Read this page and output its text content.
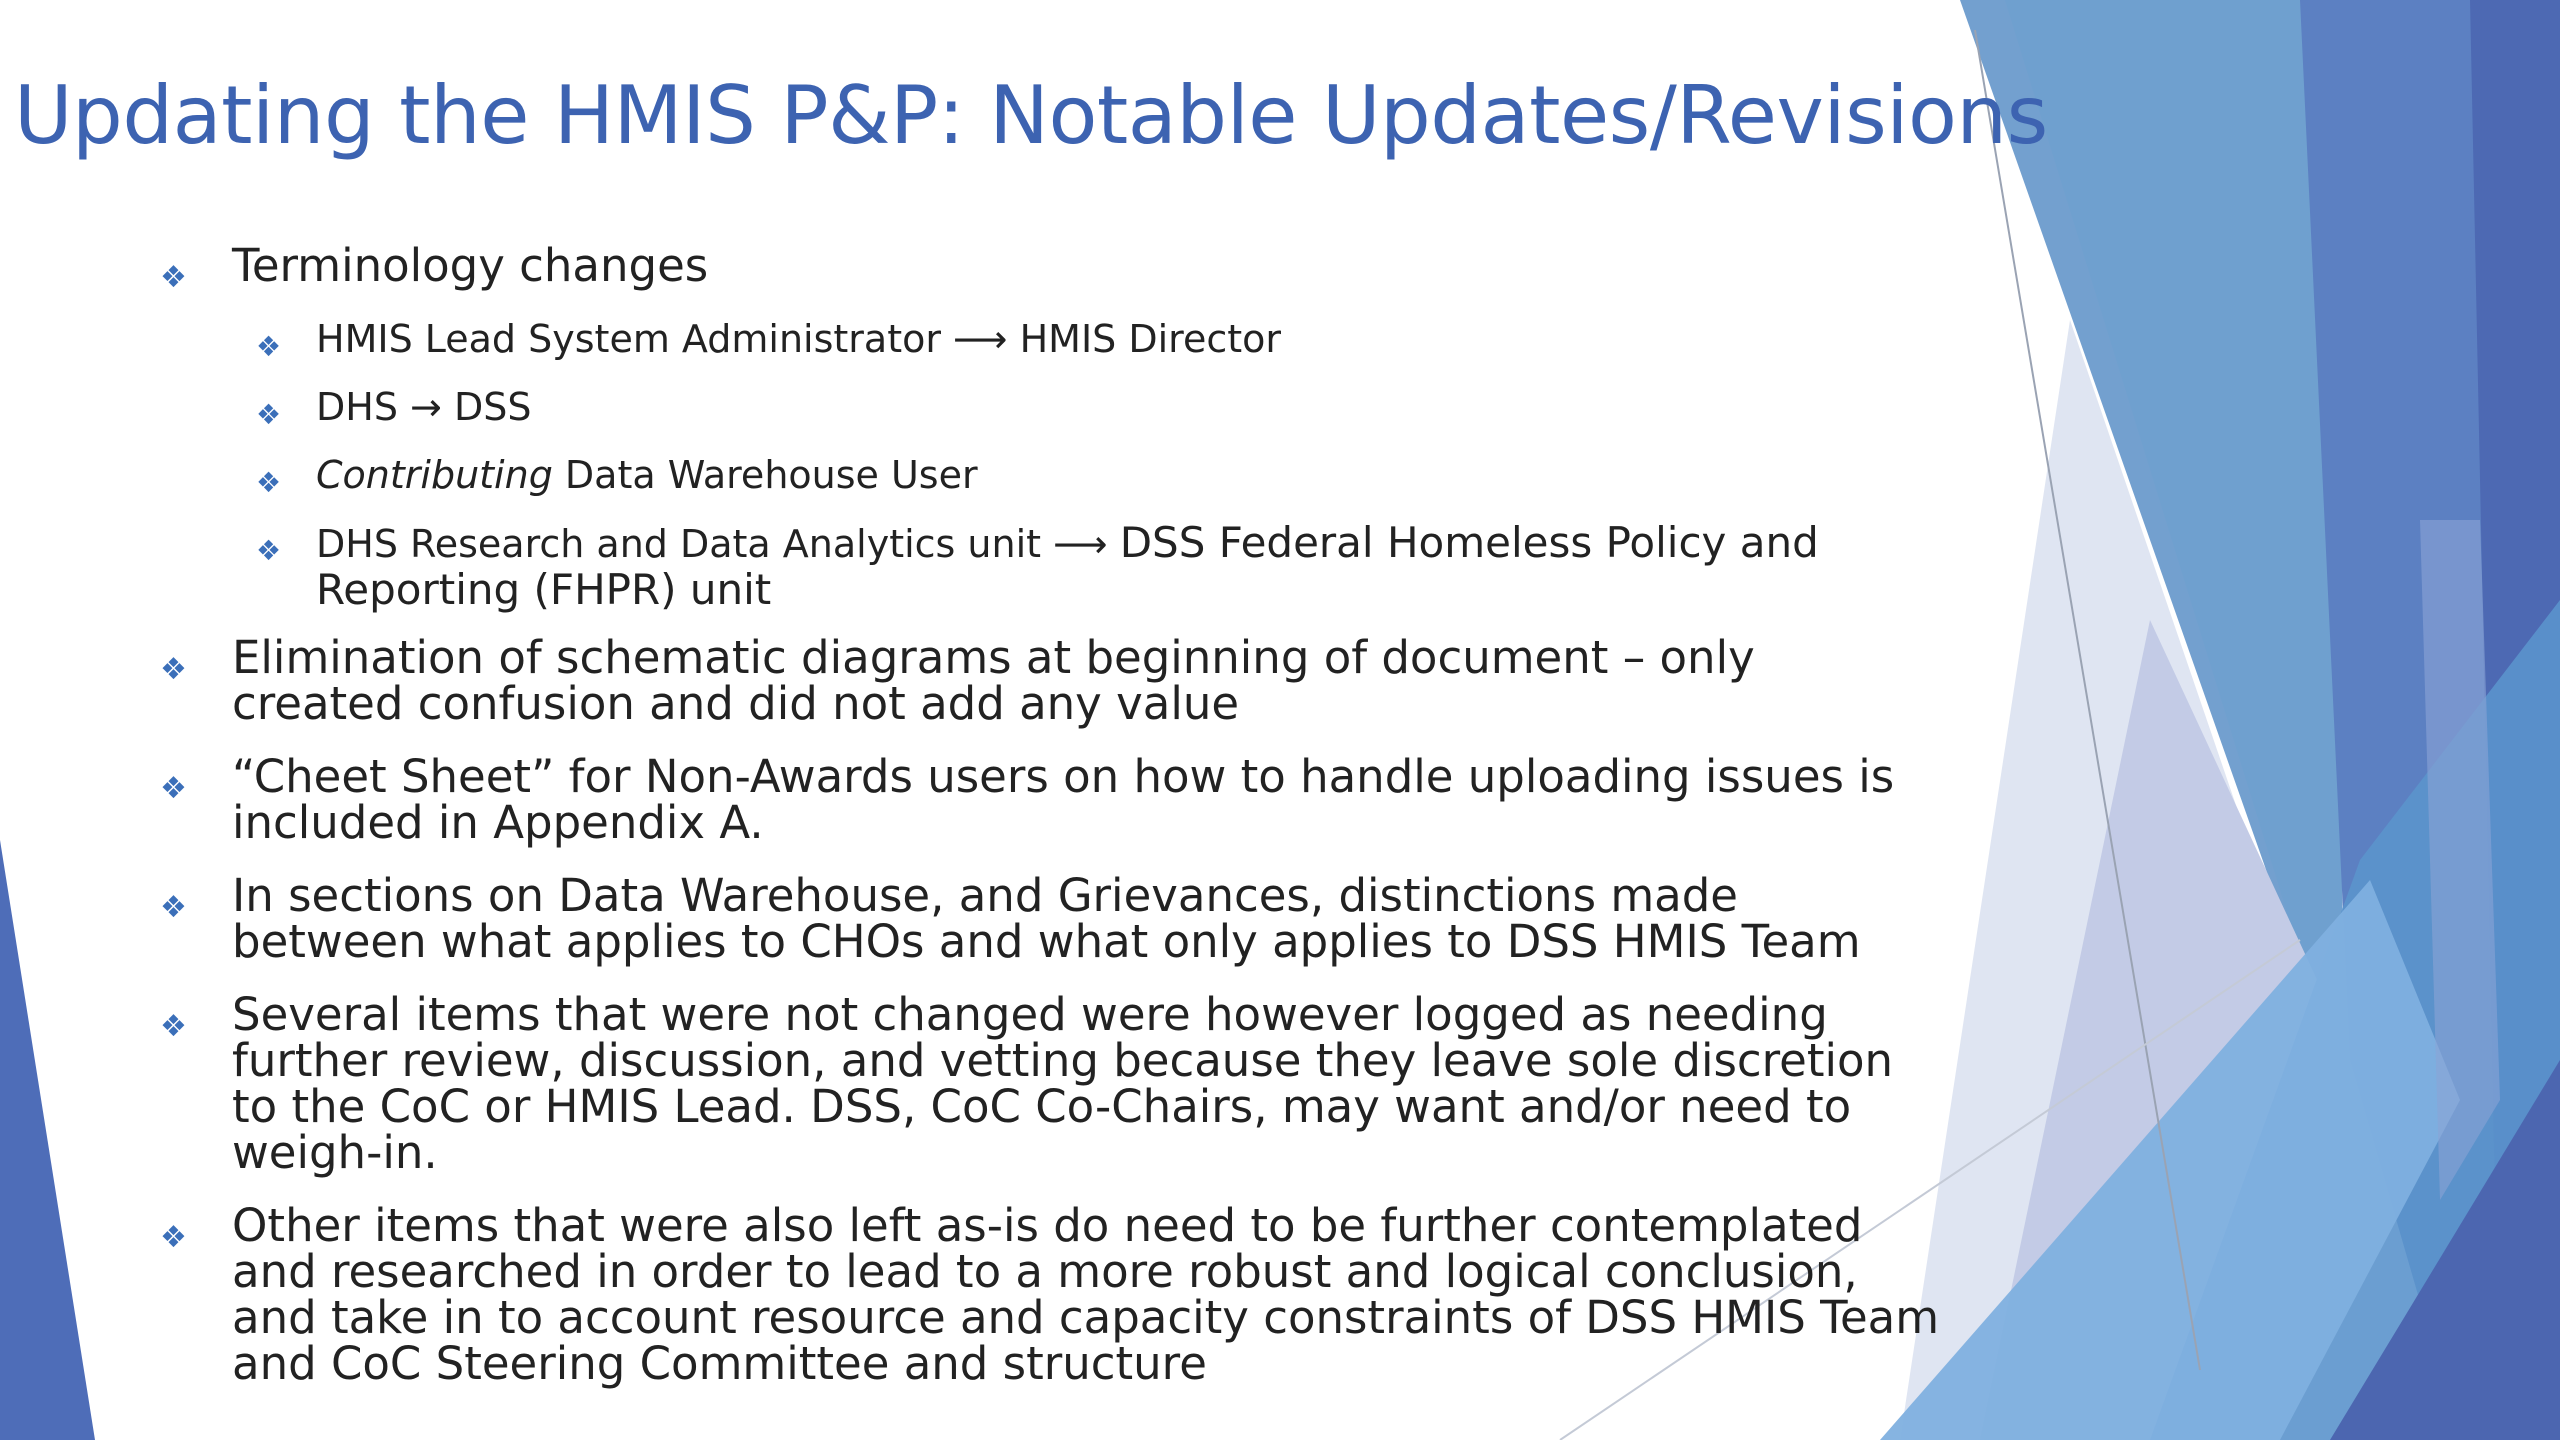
Updating the HMIS P&P: Notable Updates/Revisions
❖ Terminology changes
❖ HMIS Lead System Administrator ⟶ HMIS Director
❖ DHS → DSS
❖ Contributing Data Warehouse User
❖ DHS Research and Data Analytics unit ⟶ DSS Federal Homeless Policy and Reporting (FHPR) unit
❖ Elimination of schematic diagrams at beginning of document – only created confusion and did not add any value
❖ “Cheet Sheet” for Non-Awards users on how to handle uploading issues is included in Appendix A.
❖ In sections on Data Warehouse, and Grievances, distinctions made between what applies to CHOs and what only applies to DSS HMIS Team
❖ Several items that were not changed were however logged as needing further review, discussion, and vetting because they leave sole discretion to the CoC or HMIS Lead. DSS, CoC Co-Chairs, may want and/or need to weigh-in.
❖ Other items that were also left as-is do need to be further contemplated and researched in order to lead to a more robust and logical conclusion, and take in to account resource and capacity constraints of DSS HMIS Team and CoC Steering Committee and structure
